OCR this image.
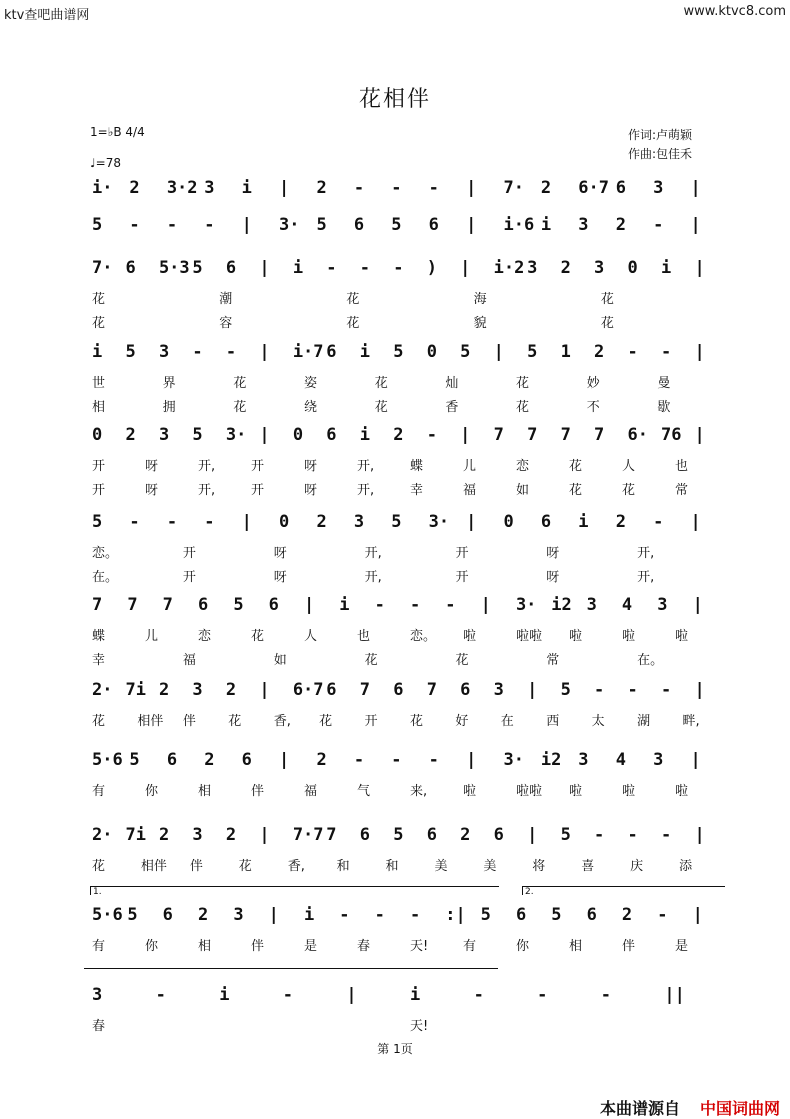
ktv查吧曲谱网	www.ktvc8.com
花相伴
1=♭B 4/4
♩=78
作词:卢萌颖
作曲:包佳禾
i· 2	3·2 3	i	|	2	-	-	-	|	7· 2	6·7 6	3	|
5	-	-	-	|	3· 5	6	5	6	|	i·6 i	3	2	-	|
7· 6	5·3 5	6	|	i	-	-	-	)	|	i·2 3	2	3	0	i	|
花	潮	花	海	花
花	容	花	貌	花
i	5	3	-	-	|	i·7 6	i	5	0	5	|	5	1	2	-	-	|
世	界	花	姿	花	灿	花	妙	曼
相	拥	花	绕	花	香	花	不	歇
0	2	3	5	3· |	0	6	i	2	-	|	7	7	7	7	6· 76 |
开	呀	开,	开	呀	开,	蝶	儿	恋	花	人	也
开	呀	开,	开	呀	开,	幸	福	如	花	花	常
5	-	-	-	|	0	2	3	5	3· |	0	6	i	2	-	|
恋。	开	呀	开,	开	呀	开,
在。	开	呀	开,	开	呀	开,
7	7	7	6	5	6	|	i	-	-	-	|	3· i2 3	4	3	|
蝶	儿	恋	花	人	也	恋。	啦	啦啦	啦	啦	啦
幸	福	如	花	花	常	在。
2· 7i 2	3	2	|	6·7 6	7	6	7	6	3	|	5	-	-	-	|
花	相伴	伴	花	香,	花	开	花	好	在	西	太	湖	畔,
5·6 5	6	2	6	|	2	-	-	-	|	3· i2 3	4	3	|
有	你	相	伴	福	气	来,	啦	啦啦	啦	啦	啦
2· 7i 2	3	2	|	7·7 7	6	5	6	2	6	|	5	-	-	-	|
花	相伴	伴	花	香,	和	和	美	美	将	喜	庆	添
5·6 5	6	2	3	|	i	-	-	-	:| 5	6	5	6	2	-	|
有	你	相	伴	是	春	天!	有	你	相	伴	是
3	-	i	-	|	i	-	-	-	||
春	天!
1.	2.
第 1页
本曲谱源自 中国词曲网
